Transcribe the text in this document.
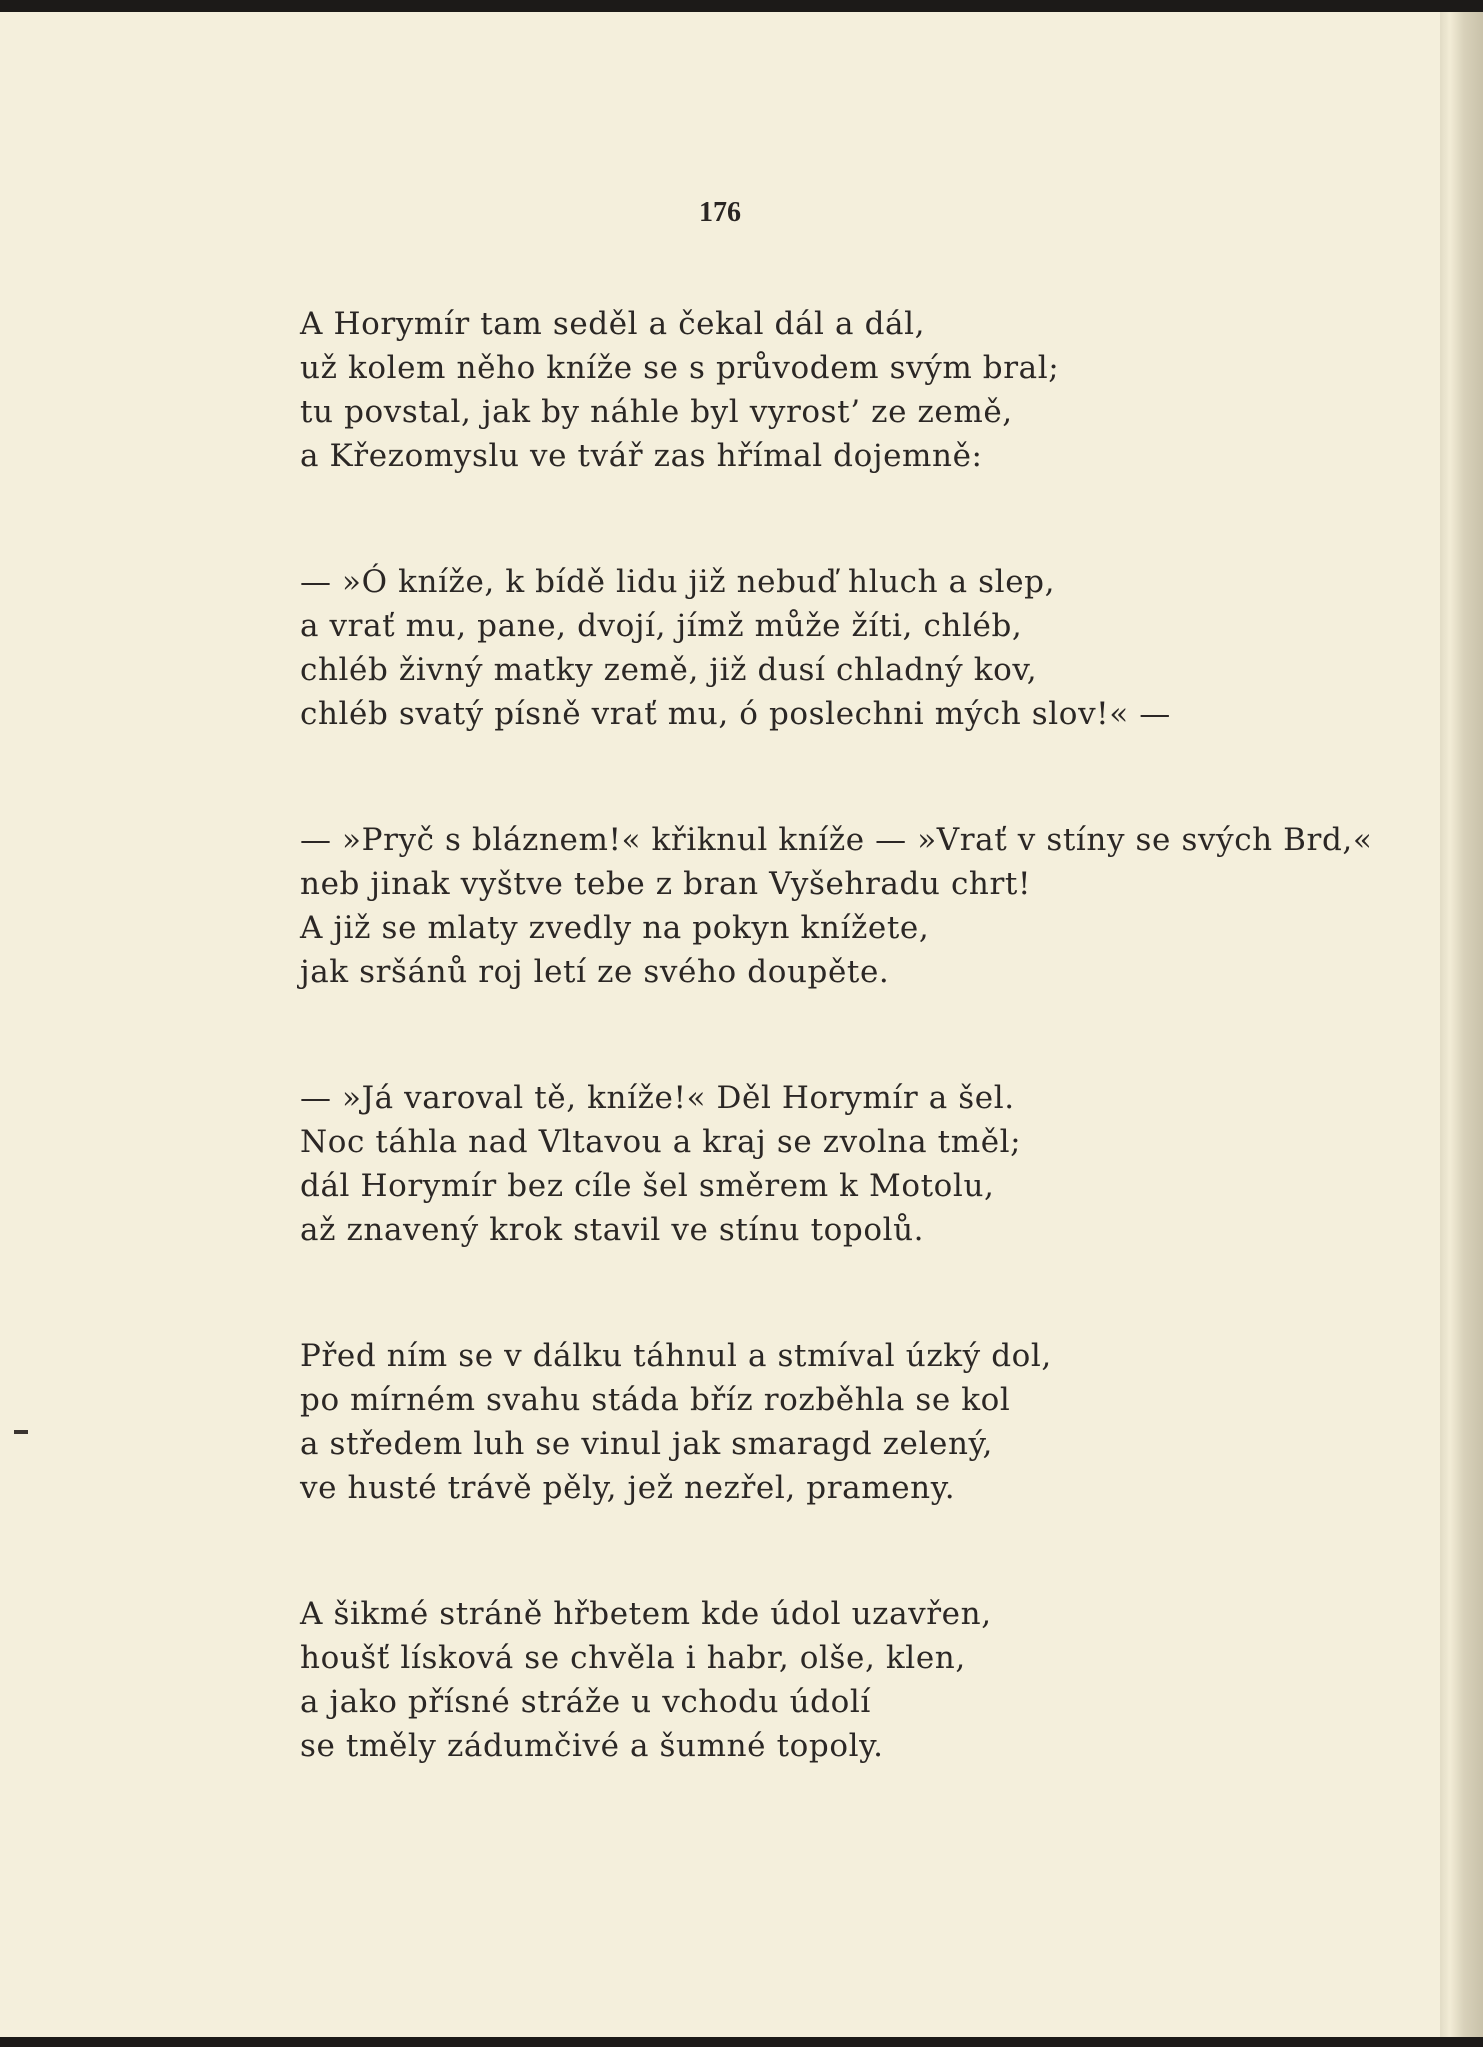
176

A Horymír tam seděl a čekal dál a dál,
už kolem něho kníže se s průvodem svým bral;
tu povstal, jak by náhle byl vyrost’ ze země,
a Křezomyslu ve tvář zas hřímal dojemně:
— »Ó kníže, k bídě lidu již nebuď hluch a slep,
a vrať mu, pane, dvojí, jímž může žíti, chléb,
chléb živný matky země, již dusí chladný kov,
chléb svatý písně vrať mu, ó poslechni mých slov!« —
— »Pryč s bláznem!« křiknul kníže — »Vrať v stíny se svých Brd,«
neb jinak vyštve tebe z bran Vyšehradu chrt!
A již se mlaty zvedly na pokyn knížete,
jak sršánů roj letí ze svého doupěte.
— »Já varoval tě, kníže!« Děl Horymír a šel.
Noc táhla nad Vltavou a kraj se zvolna tměl;
dál Horymír bez cíle šel směrem k Motolu,
až znavený krok stavil ve stínu topolů.
Před ním se v dálku táhnul a stmíval úzký dol,
po mírném svahu stáda bříz rozběhla se kol
a středem luh se vinul jak smaragd zelený,
ve husté trávě pěly, jež nezřel, prameny.
A šikmé stráně hřbetem kde údol uzavřen,
houšť lísková se chvěla i habr, olše, klen,
a jako přísné stráže u vchodu údolí
se tměly zádumčivé a šumné topoly.
